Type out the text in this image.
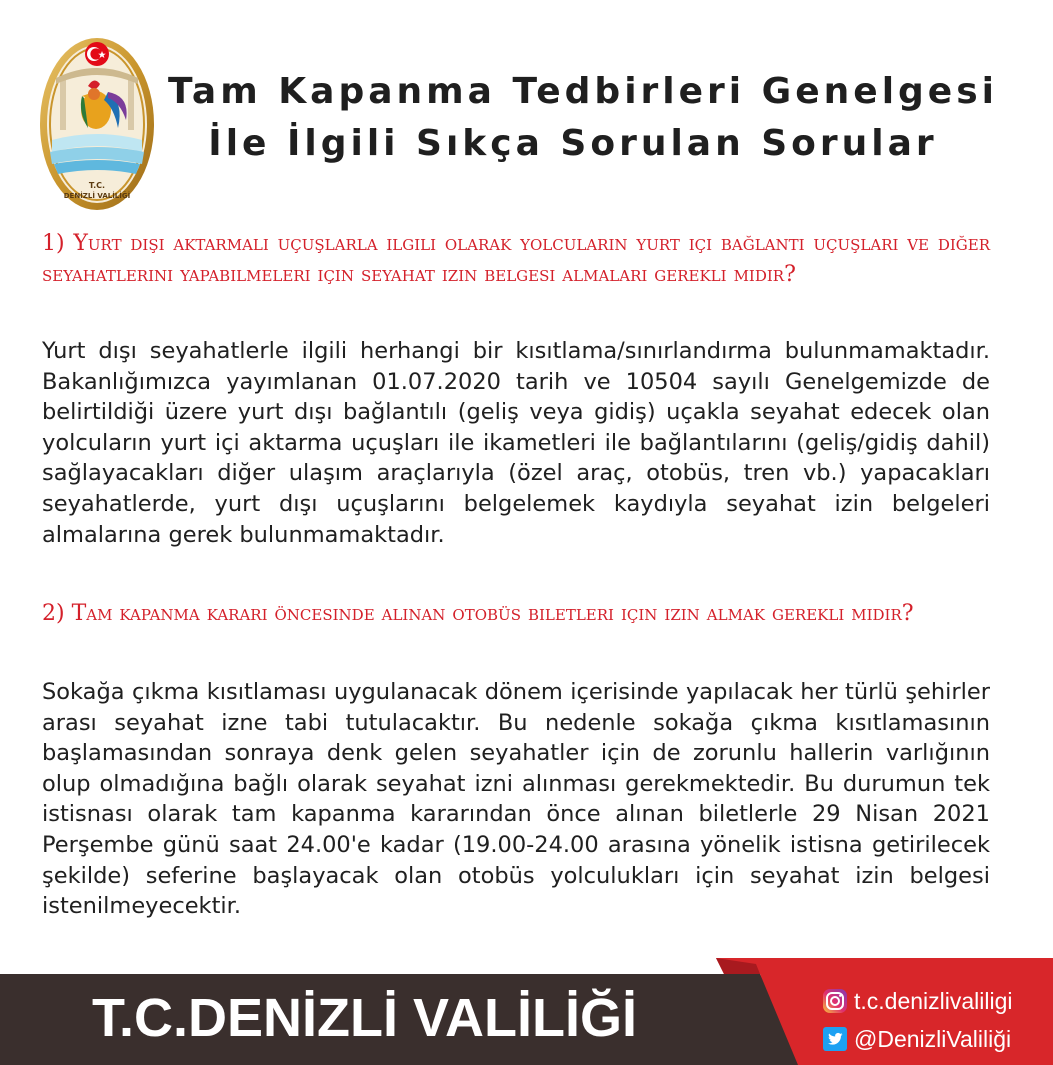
T.C.
DENİZLİ VALİLİĞİ
Tam Kapanma Tedbirleri Genelgesi
İle İlgili Sıkça Sorulan Sorular
1) Yurt dışı aktarmalı uçuşlarla ilgili olarak yolcuların yurt içi bağlantı uçuşları ve diğer seyahatlerini yapabilmeleri için seyahat izin belgesi almaları gerekli midir?
Yurt dışı seyahatlerle ilgili herhangi bir kısıtlama/sınırlandırma bulunmamaktadır. Bakanlığımızca yayımlanan 01.07.2020 tarih ve 10504 sayılı Genelgemizde de belirtildiği üzere yurt dışı bağlantılı (geliş veya gidiş) uçakla seyahat edecek olan yolcuların yurt içi aktarma uçuşları ile ikametleri ile bağlantılarını (geliş/gidiş dahil) sağlayacakları diğer ulaşım araçlarıyla (özel araç, otobüs, tren vb.) yapacakları seyahatlerde, yurt dışı uçuşlarını belgelemek kaydıyla seyahat izin belgeleri almalarına gerek bulunmamaktadır.
2) Tam kapanma kararı öncesinde alınan otobüs biletleri için izin almak gerekli midir?
Sokağa çıkma kısıtlaması uygulanacak dönem içerisinde yapılacak her türlü şehirler arası seyahat izne tabi tutulacaktır. Bu nedenle sokağa çıkma kısıtlamasının başlamasından sonraya denk gelen seyahatler için de zorunlu hallerin varlığının olup olmadığına bağlı olarak seyahat izni alınması gerekmektedir. Bu durumun tek istisnası olarak tam kapanma kararından önce alınan biletlerle 29 Nisan 2021 Perşembe günü saat 24.00'e kadar (19.00-24.00 arasına yönelik istisna getirilecek şekilde) seferine başlayacak olan otobüs yolculukları için seyahat izin belgesi istenilmeyecektir.
T.C.DENİZLİ VALİLİĞİ	t.c.denizlivaliligi
@DenizliValiliği
